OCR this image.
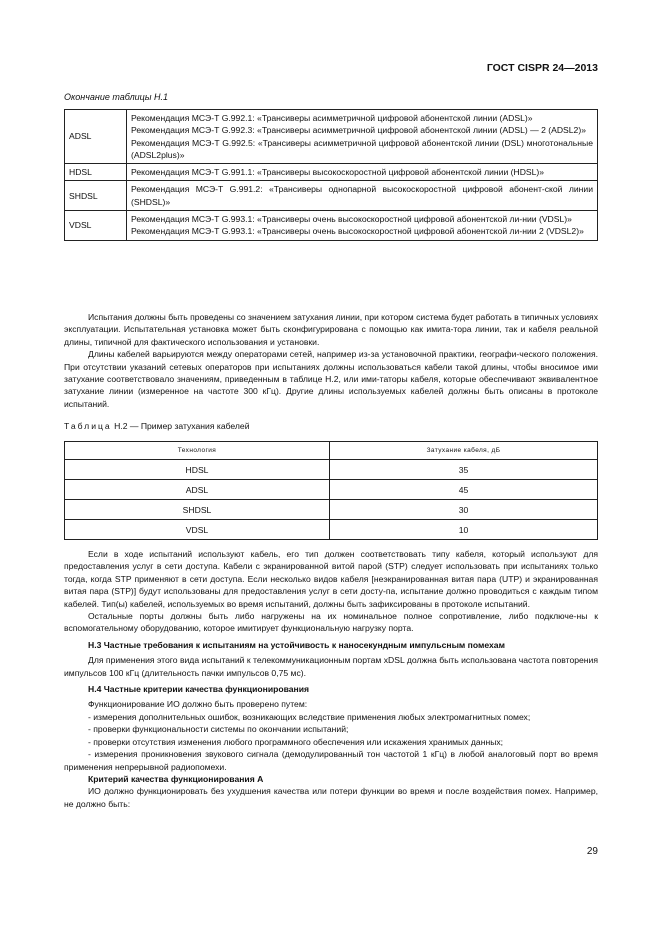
ГОСТ CISPR 24—2013
Окончание таблицы Н.1
ADSL	Рекомендация МСЭ-Т G.992.1: «Трансиверы асимметричной цифровой абонентской линии (ADSL)»
Рекомендация МСЭ-Т G.992.3: «Трансиверы асимметричной цифровой абонентской линии (ADSL) — 2 (ADSL2)»
Рекомендация МСЭ-Т G.992.5: «Трансиверы асимметричной цифровой абонентской линии (DSL) многотональные (ADSL2plus)»

HDSL	Рекомендация МСЭ-Т G.991.1: «Трансиверы высокоскоростной цифровой абонентской линии (HDSL)»

SHDSL	Рекомендация МСЭ-Т G.991.2: «Трансиверы однопарной высокоскоростной цифровой абонент-ской линии (SHDSL)»

VDSL	Рекомендация МСЭ-Т G.993.1: «Трансиверы очень высокоскоростной цифровой абонентской ли-нии (VDSL)»
Рекомендация МСЭ-Т G.993.1: «Трансиверы очень высокоскоростной цифровой абонентской ли-нии 2 (VDSL2)»

Испытания должны быть проведены со значением затухания линии, при котором система будет работать в типичных условиях эксплуатации. Испытательная установка может быть сконфигурирована с помощью как имита-тора линии, так и кабеля реальной длины, типичной для фактического использования и установки.

Длины кабелей варьируются между операторами сетей, например из-за установочной практики, географи-ческого положения. При отсутствии указаний сетевых операторов при испытаниях должны использоваться кабели такой длины, чтобы вносимое ими затухание соответствовало значениям, приведенным в таблице Н.2, или ими-таторы кабеля, которые обеспечивают эквивалентное затухание линии (измеренное на частоте 300 кГц). Другие длины используемых кабелей должны быть описаны в протоколе испытаний.

Таблица Н.2 — Пример затухания кабелей
Технология	Затухание кабеля, дБ
HDSL	35
ADSL	45
SHDSL	30
VDSL	10

Если в ходе испытаний используют кабель, его тип должен соответствовать типу кабеля, который используют для предоставления услуг в сети доступа. Кабели с экранированной витой парой (STP) следует использовать при испытаниях только тогда, когда STP применяют в сети доступа. Если несколько видов кабеля [неэкранированная витая пара (UTP) и экранированная витая пара (STP)] будут использованы для предоставления услуг в сети досту-па, испытание должно проводиться с каждым типом кабелей. Тип(ы) кабелей, используемых во время испытаний, должны быть зафиксированы в протоколе испытаний.

Остальные порты должны быть либо нагружены на их номинальное полное сопротивление, либо подключе-ны к вспомогательному оборудованию, которое имитирует функциональную нагрузку порта.

Н.3 Частные требования к испытаниям на устойчивость к наносекундным импульсным помехам

Для применения этого вида испытаний к телекоммуникационным портам xDSL должна быть использована частота повторения импульсов 100 кГц (длительность пачки импульсов 0,75 мс).

Н.4 Частные критерии качества функционирования

Функционирование ИО должно быть проверено путем:

- измерения дополнительных ошибок, возникающих вследствие применения любых электромагнитных помех;

- проверки функциональности системы по окончании испытаний;

- проверки отсутствия изменения любого программного обеспечения или искажения хранимых данных;

- измерения проникновения звукового сигнала (демодулированный тон частотой 1 кГц) в любой аналоговый порт во время применения непрерывной радиопомехи.

Критерий качества функционирования А

ИО должно функционировать без ухудшения качества или потери функции во время и после воздействия помех. Например, не должно быть:

29
